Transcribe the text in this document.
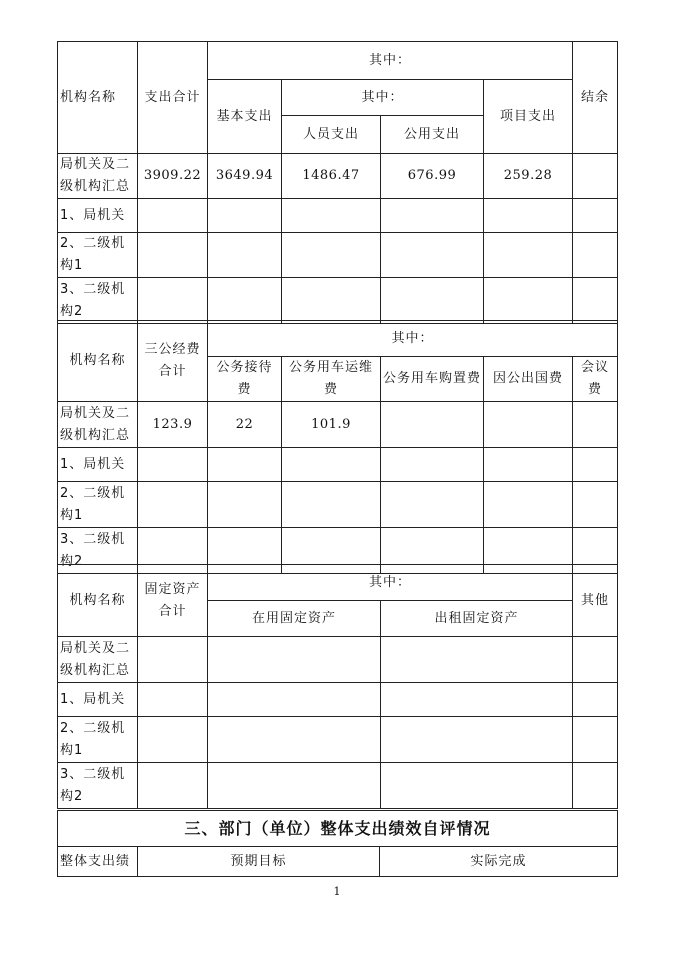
机构名称	支出合计	其中：				结余
		基本支出	其中：		项目支出	
			人员支出	公用支出		
局机关及二级机构汇总	3909.22	3649.94	1486.47	676.99	259.28	
1、局机关						
2、二级机构1						
3、二级机构2						
机构名称	三公经费合计	其中：				
		公务接待费	公务用车运维费	公务用车购置费	因公出国费	会议费
局机关及二级机构汇总	123.9	22	101.9			
1、局机关						
2、二级机构1						
3、二级机构2						
机构名称	固定资产合计	其中：		其他
		在用固定资产	出租固定资产	
局机关及二级机构汇总				
1、局机关				
2、二级机构1				
3、二级机构2				
三、部门（单位）整体支出绩效自评情况
整体支出绩	预期目标	实际完成
1
